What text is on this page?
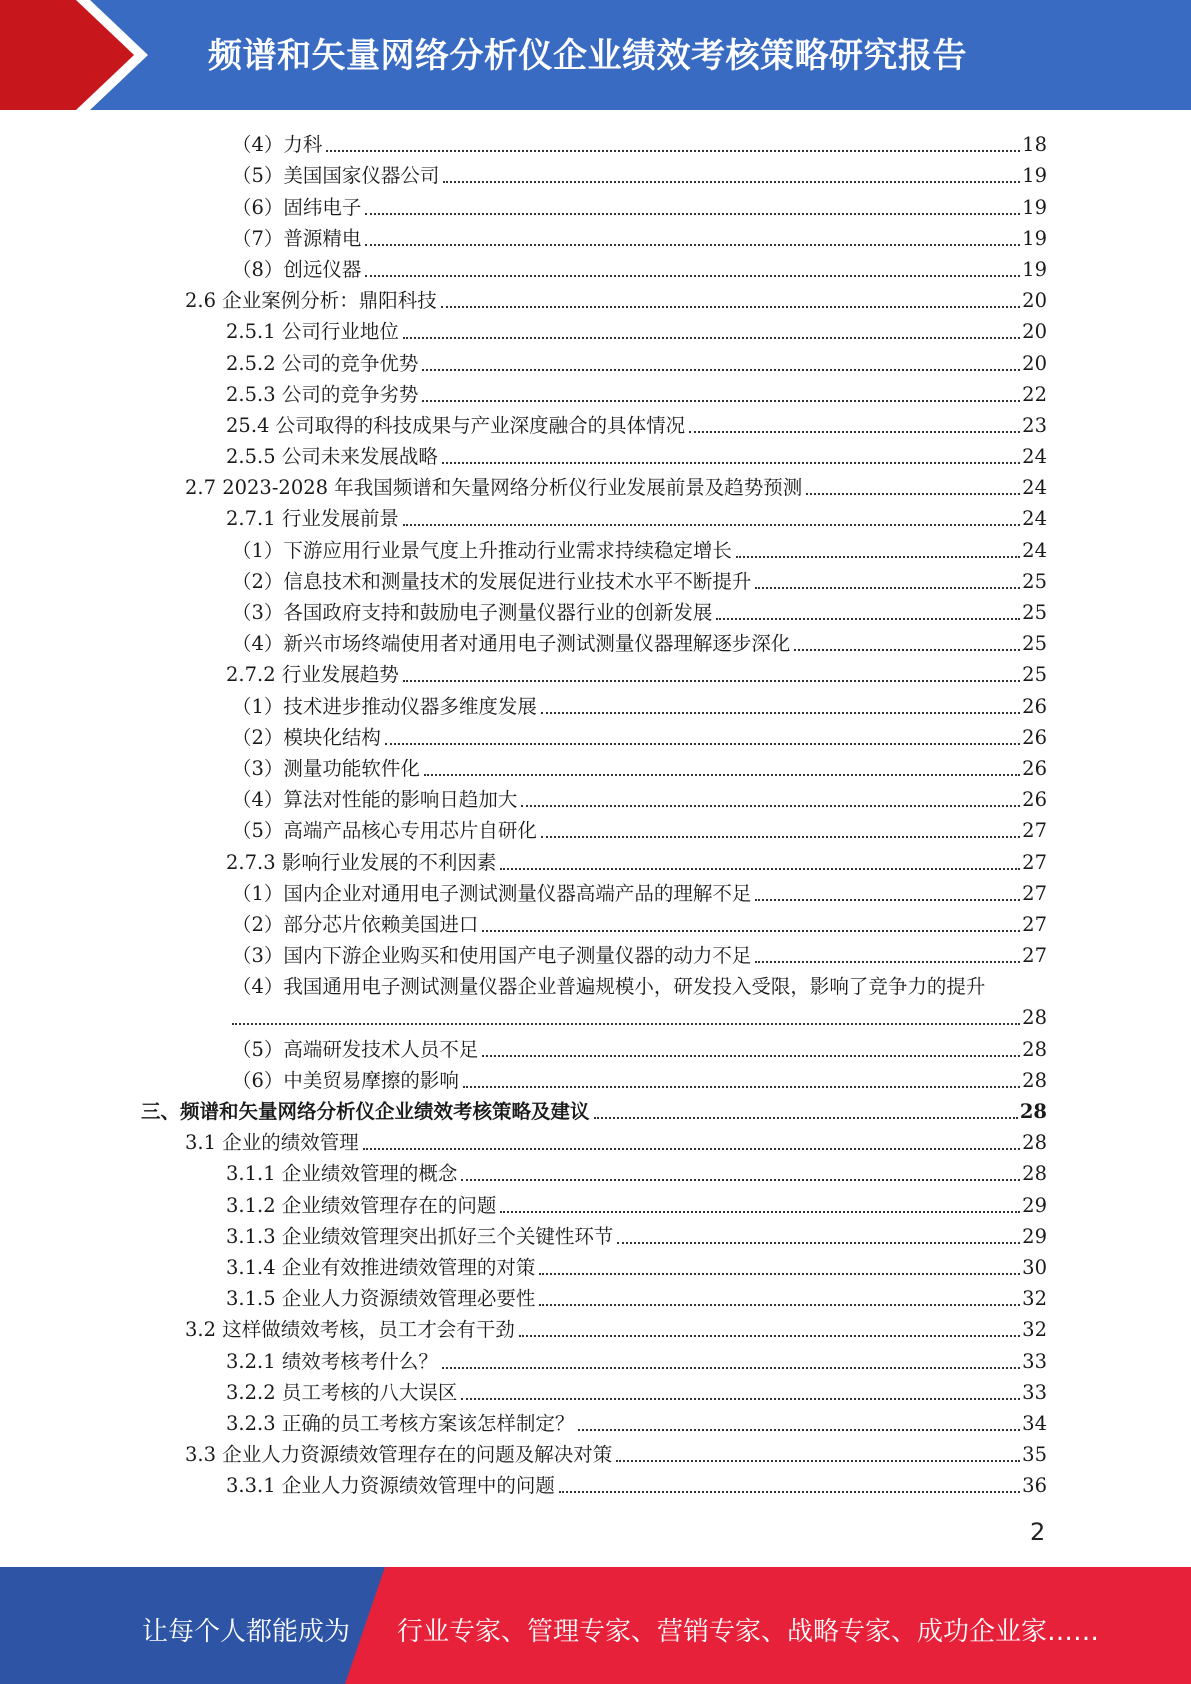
频谱和矢量网络分析仪企业绩效考核策略研究报告
（4）力科	18
（5）美国国家仪器公司	19
（6）固纬电子	19
（7）普源精电	19
（8）创远仪器	19
2.6 企业案例分析：鼎阳科技	20
2.5.1 公司行业地位	20
2.5.2 公司的竞争优势	20
2.5.3 公司的竞争劣势	22
25.4 公司取得的科技成果与产业深度融合的具体情况	23
2.5.5 公司未来发展战略	24
2.7 2023-2028 年我国频谱和矢量网络分析仪行业发展前景及趋势预测	24
2.7.1 行业发展前景	24
（1）下游应用行业景气度上升推动行业需求持续稳定增长	24
（2）信息技术和测量技术的发展促进行业技术水平不断提升	25
（3）各国政府支持和鼓励电子测量仪器行业的创新发展	25
（4）新兴市场终端使用者对通用电子测试测量仪器理解逐步深化	25
2.7.2 行业发展趋势	25
（1）技术进步推动仪器多维度发展	26
（2）模块化结构	26
（3）测量功能软件化	26
（4）算法对性能的影响日趋加大	26
（5）高端产品核心专用芯片自研化	27
2.7.3 影响行业发展的不利因素	27
（1）国内企业对通用电子测试测量仪器高端产品的理解不足	27
（2）部分芯片依赖美国进口	27
（3）国内下游企业购买和使用国产电子测量仪器的动力不足	27
（4）我国通用电子测试测量仪器企业普遍规模小，研发投入受限，影响了竞争力的提升
28
（5）高端研发技术人员不足	28
（6）中美贸易摩擦的影响	28
三、频谱和矢量网络分析仪企业绩效考核策略及建议	28
3.1 企业的绩效管理	28
3.1.1 企业绩效管理的概念	28
3.1.2 企业绩效管理存在的问题	29
3.1.3 企业绩效管理突出抓好三个关键性环节	29
3.1.4 企业有效推进绩效管理的对策	30
3.1.5 企业人力资源绩效管理必要性	32
3.2 这样做绩效考核，员工才会有干劲	32
3.2.1 绩效考核考什么？	33
3.2.2 员工考核的八大误区	33
3.2.3 正确的员工考核方案该怎样制定？	34
3.3 企业人力资源绩效管理存在的问题及解决对策	35
3.3.1 企业人力资源绩效管理中的问题	36
2
让每个人都能成为 行业专家、管理专家、营销专家、战略专家、成功企业家……
